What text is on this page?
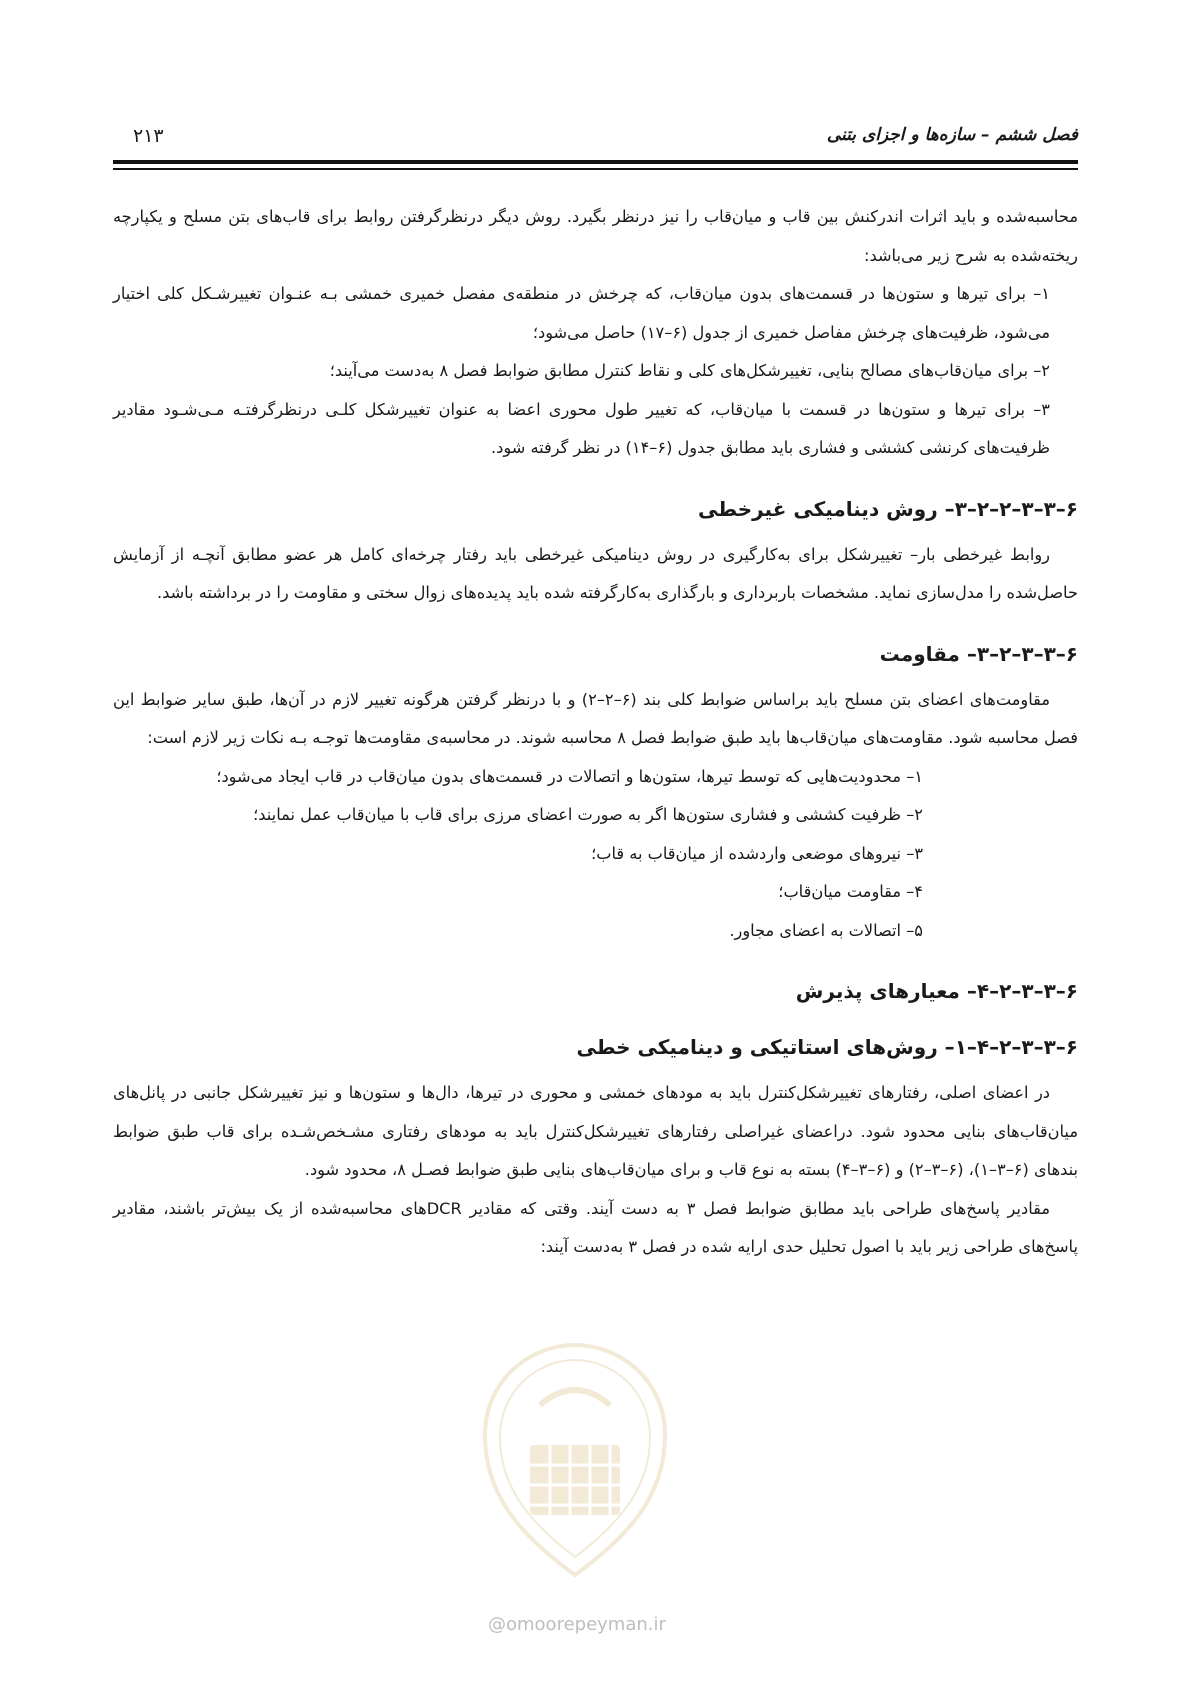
فصل ششم – سازه‌ها و اجزای بتنی
۲۱۳

محاسبه‌شده و باید اثرات اندرکنش بین قاب و میان‌قاب را نیز درنظر بگیرد. روش دیگر درنظرگرفتن روابط برای قاب‌های بتن مسلح و یکپارچه ریخته‌شده به شرح زیر می‌باشد:

۱– برای تیرها و ستون‌ها در قسمت‌های بدون میان‌قاب، که چرخش در منطقه‌ی مفصل خمیری خمشی بـه عنـوان تغییرشـکل کلی اختیار می‌شود، ظرفیت‌های چرخش مفاصل خمیری از جدول (۶–۱۷) حاصل می‌شود؛
۲– برای میان‌قاب‌های مصالح بنایی، تغییرشکل‌های کلی و نقاط کنترل مطابق ضوابط فصل ۸ به‌دست می‌آیند؛
۳– برای تیرها و ستون‌ها در قسمت با میان‌قاب، که تغییر طول محوری اعضا به عنوان تغییرشکل کلـی درنظرگرفتـه مـی‌شـود مقادیر ظرفیت‌های کرنشی کششی و فشاری باید مطابق جدول (۶–۱۴) در نظر گرفته شود.
۶–۳–۳–۲–۲–۳– روش دینامیکی غیرخطی

روابط غیرخطی بار– تغییرشکل برای به‌کارگیری در روش دینامیکی غیرخطی باید رفتار چرخه‌ای کامل هر عضو مطابق آنچـه از آزمایش حاصل‌شده را مدل‌سازی نماید. مشخصات باربرداری و بارگذاری به‌کارگرفته شده باید پدیده‌های زوال سختی و مقاومت را در برداشته باشد.

۶–۳–۳–۲–۳– مقاومت

مقاومت‌های اعضای بتن مسلح باید براساس ضوابط کلی بند (۶–۲–۲) و با درنظر گرفتن هرگونه تغییر لازم در آن‌ها، طبق سایر ضوابط این فصل محاسبه شود. مقاومت‌های میان‌قاب‌ها باید طبق ضوابط فصل ۸ محاسبه شوند. در محاسبه‌ی مقاومت‌ها توجـه بـه نکات زیر لازم است:

۱– محدودیت‌هایی که توسط تیرها، ستون‌ها و اتصالات در قسمت‌های بدون میان‌قاب در قاب ایجاد می‌شود؛
۲– ظرفیت کششی و فشاری ستون‌ها اگر به صورت اعضای مرزی برای قاب با میان‌قاب عمل نمایند؛
۳– نیروهای موضعی واردشده از میان‌قاب به قاب؛
۴– مقاومت میان‌قاب؛
۵– اتصالات به اعضای مجاور.
۶–۳–۳–۲–۴– معیارهای پذیرش
۶–۳–۳–۲–۴–۱– روش‌های استاتیکی و دینامیکی خطی

در اعضای اصلی، رفتارهای تغییرشکل‌کنترل باید به مودهای خمشی و محوری در تیرها، دال‌ها و ستون‌ها و نیز تغییرشکل جانبی در پانل‌های میان‌قاب‌های بنایی محدود شود. دراعضای غیراصلی رفتارهای تغییرشکل‌کنترل باید به مودهای رفتاری مشـخص‌شـده برای قاب طبق ضوابط بندهای (۶–۳–۱)، (۶–۳–۲) و (۶–۳–۴) بسته به نوع قاب و برای میان‌قاب‌های بنایی طبق ضوابط فصـل ۸، محدود شود.

مقادیر پاسخ‌های طراحی باید مطابق ضوابط فصل ۳ به دست آیند. وقتی که مقادیر DCRهای محاسبه‌شده از یک بیش‌تر باشند، مقادیر پاسخ‌های طراحی زیر باید با اصول تحلیل حدی ارایه شده در فصل ۳ به‌دست آیند:

@omoorepeyman.ir
